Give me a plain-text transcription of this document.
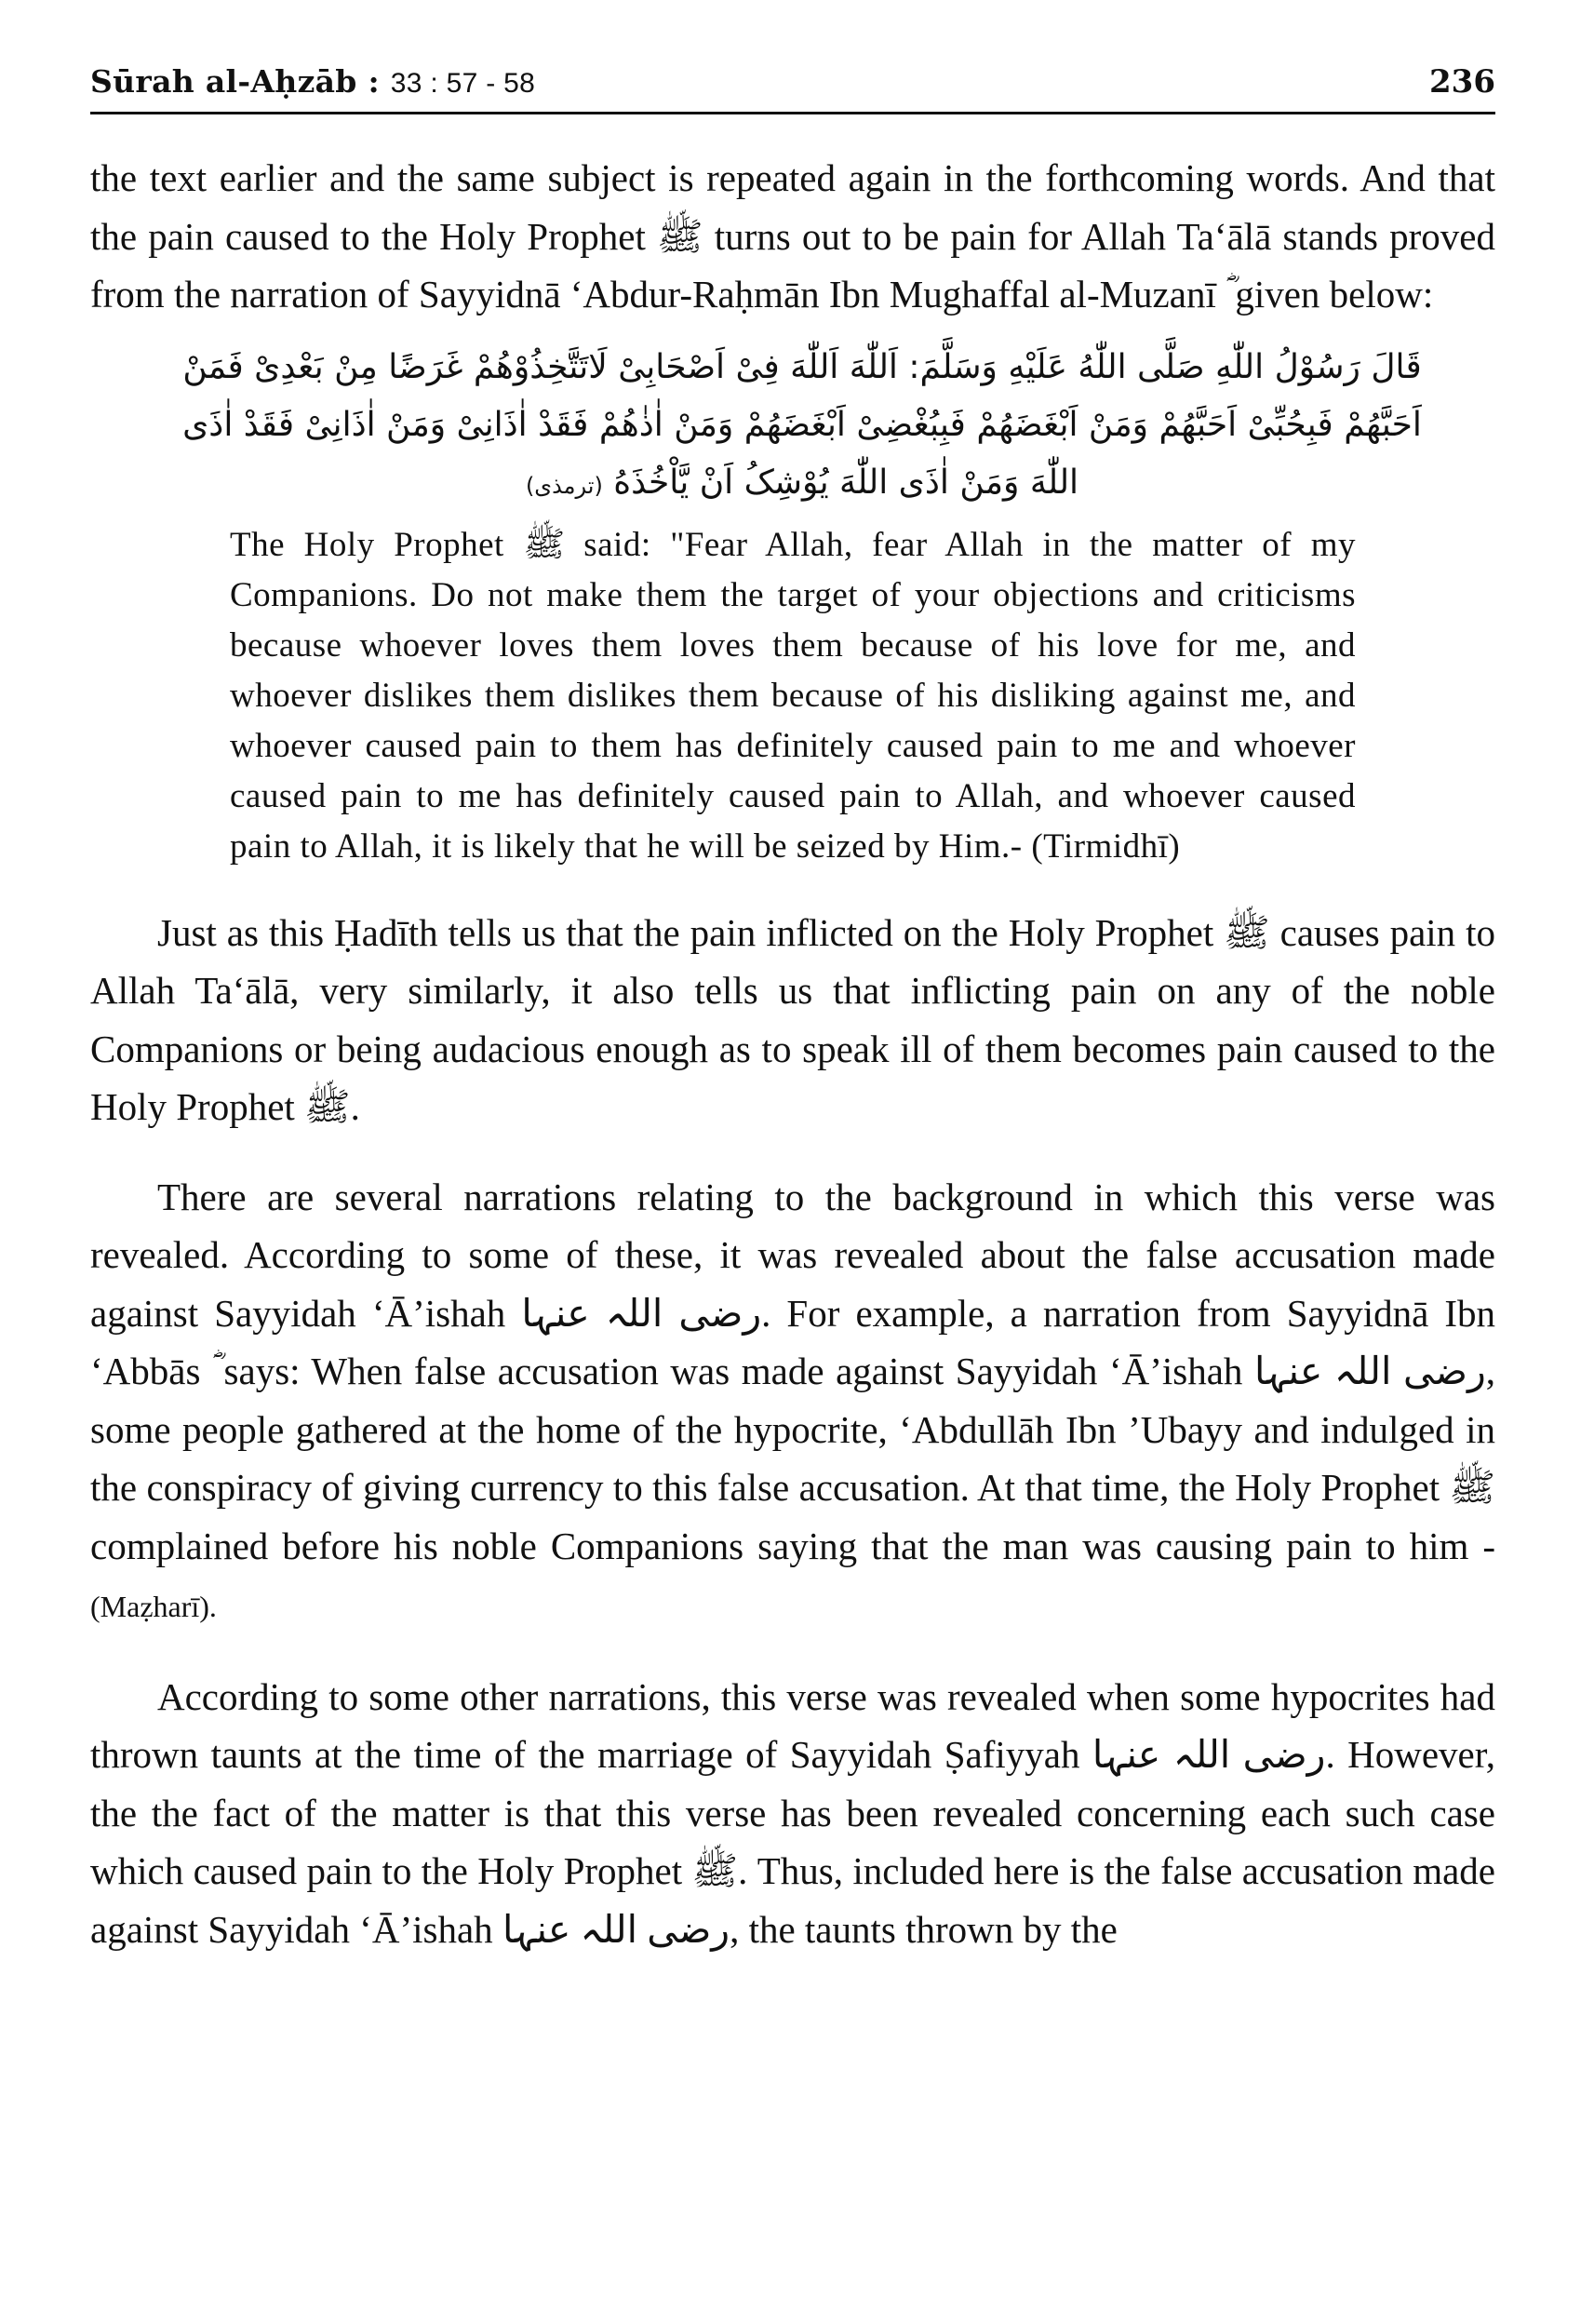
Sūrah al-Aḥzāb : 33 : 57 - 58	236

the text earlier and the same subject is repeated again in the forthcoming words. And that the pain caused to the Holy Prophet ﷺ turns out to be pain for Allah Ta‘ālā stands proved from the narration of Sayyidnā ‘Abdur-Raḥmān Ibn Mughaffal al-Muzanī ؓ given below:

قَالَ رَسُوْلُ اللّٰهِ صَلَّى اللّٰهُ عَلَيْهِ وَسَلَّمَ: اَللّٰهَ اَللّٰهَ فِیْ اَصْحَابِیْ لَاتَتَّخِذُوْهُمْ غَرَضًا مِنْ بَعْدِیْ فَمَنْ اَحَبَّهُمْ فَبِحُبِّیْ اَحَبَّهُمْ وَمَنْ اَبْغَضَهُمْ فَبِبُغْضِیْ اَبْغَضَهُمْ وَمَنْ اٰذٰهُمْ فَقَدْ اٰذَانِیْ وَمَنْ اٰذَانِیْ فَقَدْ اٰذَی اللّٰهَ وَمَنْ اٰذَی اللّٰهَ یُوْشِکُ اَنْ یَّاْخُذَهُ (ترمذی)
The Holy Prophet ﷺ said: "Fear Allah, fear Allah in the matter of my Companions. Do not make them the target of your objections and criticisms because whoever loves them loves them because of his love for me, and whoever dislikes them dislikes them because of his disliking against me, and whoever caused pain to them has definitely caused pain to me and whoever caused pain to me has definitely caused pain to Allah, and whoever caused pain to Allah, it is likely that he will be seized by Him.- (Tirmidhī)

Just as this Ḥadīth tells us that the pain inflicted on the Holy Prophet ﷺ causes pain to Allah Ta‘ālā, very similarly, it also tells us that inflicting pain on any of the noble Companions or being audacious enough as to speak ill of them becomes pain caused to the Holy Prophet ﷺ.

There are several narrations relating to the background in which this verse was revealed. According to some of these, it was revealed about the false accusation made against Sayyidah ‘Ā’ishah رضی اللہ عنہا. For example, a narration from Sayyidnā Ibn ‘Abbās ؓ says: When false accusation was made against Sayyidah ‘Ā’ishah رضی اللہ عنہا, some people gathered at the home of the hypocrite, ‘Abdullāh Ibn ’Ubayy and indulged in the conspiracy of giving currency to this false accusation. At that time, the Holy Prophet ﷺ complained before his noble Companions saying that the man was causing pain to him - (Maẓharī).

According to some other narrations, this verse was revealed when some hypocrites had thrown taunts at the time of the marriage of Sayyidah Ṣafiyyah رضی اللہ عنہا. However, the the fact of the matter is that this verse has been revealed concerning each such case which caused pain to the Holy Prophet ﷺ. Thus, included here is the false accusation made against Sayyidah ‘Ā’ishah رضی اللہ عنہا, the taunts thrown by the
